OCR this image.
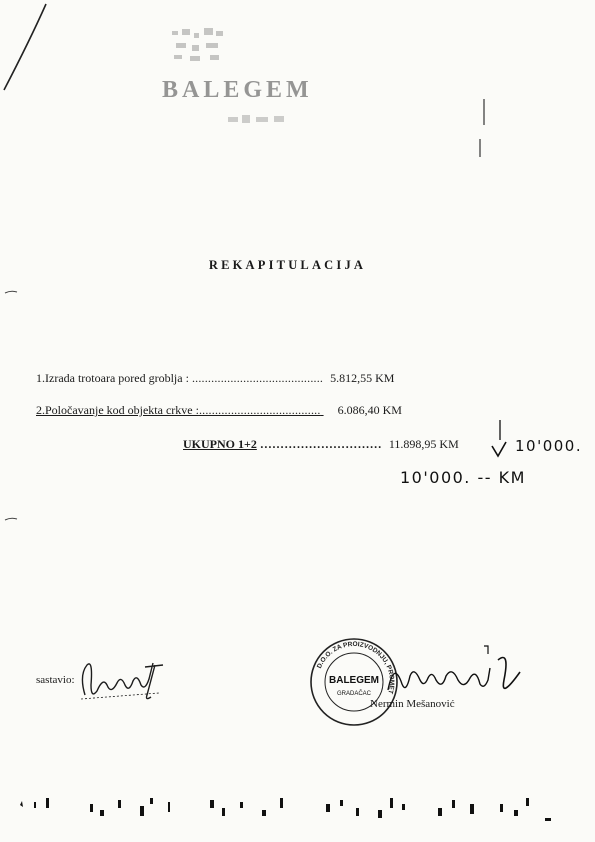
BALEGEM
REKAPITULACIJA
1.Izrada trotoara pored groblja : ......................................... 5.812,55 KM
2.Poločavanje kod objekta crkve :...................................... 6.086,40 KM
UKUPNO 1+2 ………………………… 11.898,95 KM	10'000.
10'000. -- KM
sastavio:
D.O.O. ZA PROIZVODNJU, PROMET
BALEGEM
GRADAČAC
Nermin Mešanović
